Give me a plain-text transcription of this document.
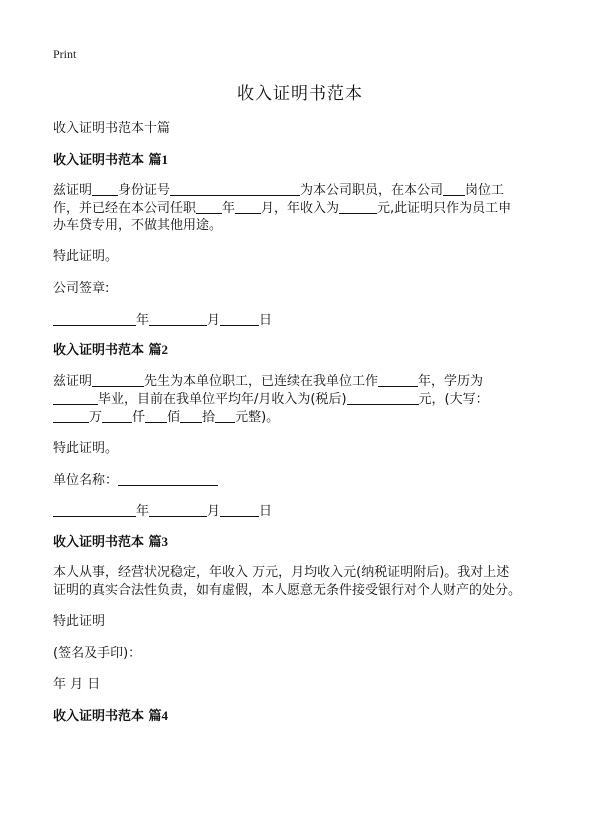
Print
收入证明书范本
收入证明书范本十篇
收入证明书范本 篇1
兹证明 身份证号	为本公司职员，在本公司 岗位工
作，并已经在本公司任职 年 月，年收入为	元,此证明只作为员工申
办车贷专用，不做其他用途。
特此证明。
公司签章:
年	月	日
收入证明书范本 篇2
兹证明	先生为本单位职工，已连续在我单位工作	年，学历为
毕业，目前在我单位平均年/月收入为(税后)	元，(大写：
万 仟 佰 拾 元整)。
特此证明。
单位名称：
年	月	日
收入证明书范本 篇3
本人从事，经营状况稳定，年收入 万元，月均收入元(纳税证明附后)。我对上述
证明的真实合法性负责，如有虚假，本人愿意无条件接受银行对个人财产的处分。
特此证明
(签名及手印)：
年 月 日
收入证明书范本 篇4
